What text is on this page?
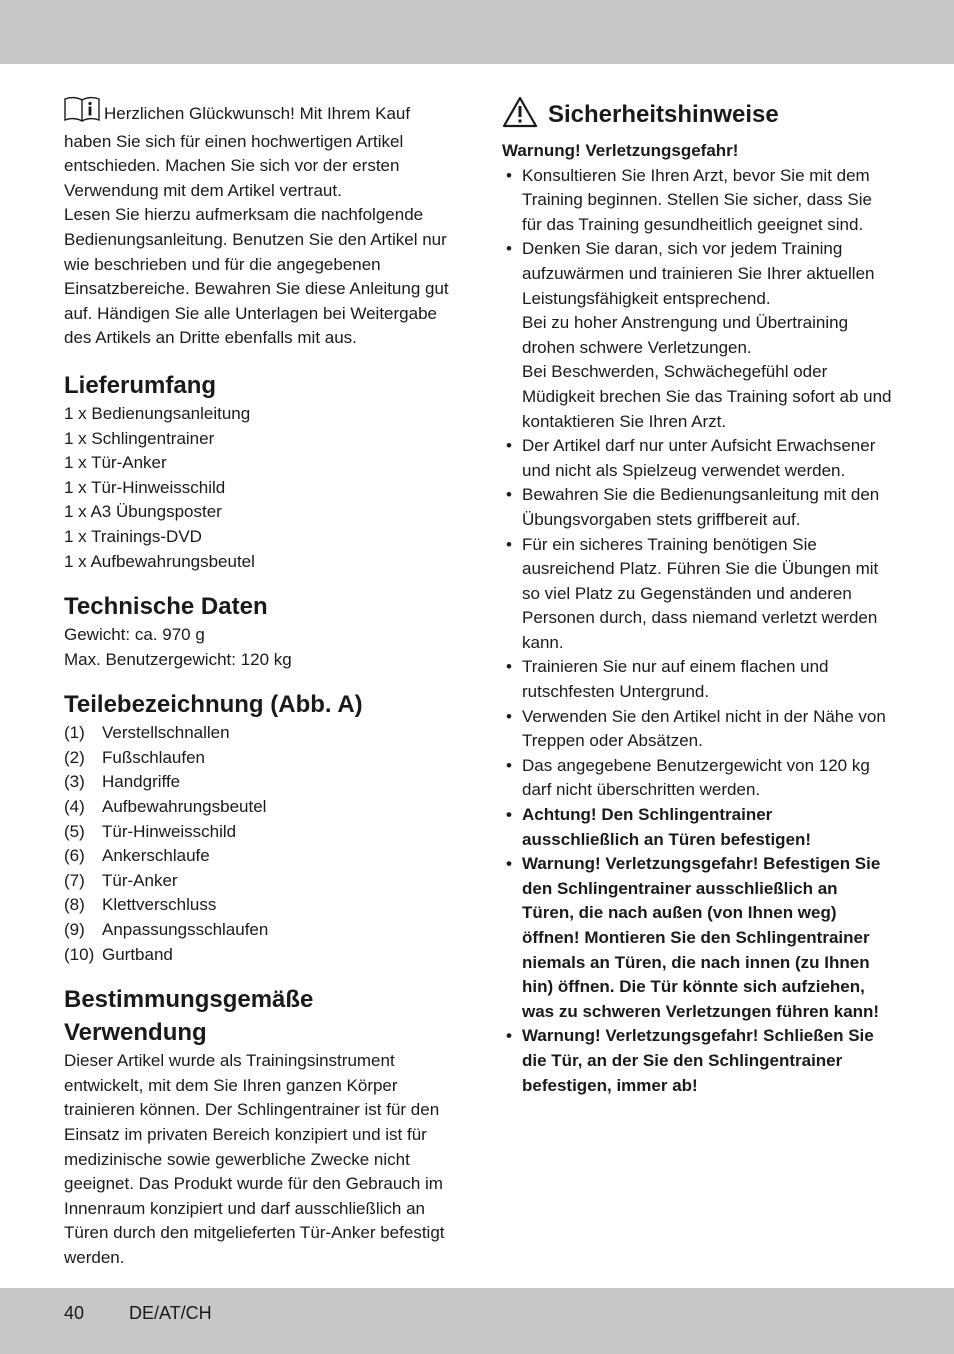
Herzlichen Glückwunsch! Mit Ihrem Kauf haben Sie sich für einen hochwertigen Artikel entschieden. Machen Sie sich vor der ersten Verwendung mit dem Artikel vertraut.

Lesen Sie hierzu aufmerksam die nachfolgende Bedienungsanleitung. Benutzen Sie den Artikel nur wie beschrieben und für die angegebenen Einsatzbereiche. Bewahren Sie diese Anleitung gut auf. Händigen Sie alle Unterlagen bei Weitergabe des Artikels an Dritte ebenfalls mit aus.

Lieferumfang
1 x Bedienungsanleitung
1 x Schlingentrainer
1 x Tür-Anker
1 x Tür-Hinweisschild
1 x A3 Übungsposter
1 x Trainings-DVD
1 x Aufbewahrungsbeutel
Technische Daten
Gewicht: ca. 970 g
Max. Benutzergewicht: 120 kg
Teilebezeichnung (Abb. A)
(1)	Verstellschnallen
(2)	Fußschlaufen
(3)	Handgriffe
(4)	Aufbewahrungsbeutel
(5)	Tür-Hinweisschild
(6)	Ankerschlaufe
(7)	Tür-Anker
(8)	Klettverschluss
(9)	Anpassungsschlaufen
(10) Gurtband
Bestimmungsgemäße Verwendung

Dieser Artikel wurde als Trainingsinstrument entwickelt, mit dem Sie Ihren ganzen Körper trainieren können. Der Schlingentrainer ist für den Einsatz im privaten Bereich konzipiert und ist für medizinische sowie gewerbliche Zwecke nicht geeignet. Das Produkt wurde für den Gebrauch im Innenraum konzipiert und darf ausschließlich an Türen durch den mitgelieferten Tür-Anker befestigt werden.

Sicherheitshinweise

Warnung! Verletzungsgefahr!

• Konsultieren Sie Ihren Arzt, bevor Sie mit dem Training beginnen. Stellen Sie sicher, dass Sie für das Training gesundheitlich geeignet sind.

• Denken Sie daran, sich vor jedem Training aufzuwärmen und trainieren Sie Ihrer aktuellen Leistungsfähigkeit entsprechend.

Bei zu hoher Anstrengung und Übertraining drohen schwere Verletzungen.

Bei Beschwerden, Schwächegefühl oder Müdigkeit brechen Sie das Training sofort ab und kontaktieren Sie Ihren Arzt.

• Der Artikel darf nur unter Aufsicht Erwachsener und nicht als Spielzeug verwendet werden.

• Bewahren Sie die Bedienungsanleitung mit den Übungsvorgaben stets griffbereit auf.

• Für ein sicheres Training benötigen Sie ausreichend Platz. Führen Sie die Übungen mit so viel Platz zu Gegenständen und anderen Personen durch, dass niemand verletzt werden kann.

• Trainieren Sie nur auf einem flachen und rutschfesten Untergrund.

• Verwenden Sie den Artikel nicht in der Nähe von Treppen oder Absätzen.

• Das angegebene Benutzergewicht von 120 kg darf nicht überschritten werden.

• Achtung! Den Schlingentrainer ausschließlich an Türen befestigen!

• Warnung! Verletzungsgefahr! Befestigen Sie den Schlingentrainer ausschließlich an Türen, die nach außen (von Ihnen weg) öffnen! Montieren Sie den Schlingentrainer niemals an Türen, die nach innen (zu Ihnen hin) öffnen. Die Tür könnte sich aufziehen, was zu schweren Verletzungen führen kann!

• Warnung! Verletzungsgefahr! Schließen Sie die Tür, an der Sie den Schlingentrainer befestigen, immer ab!

40 DE/AT/CH
